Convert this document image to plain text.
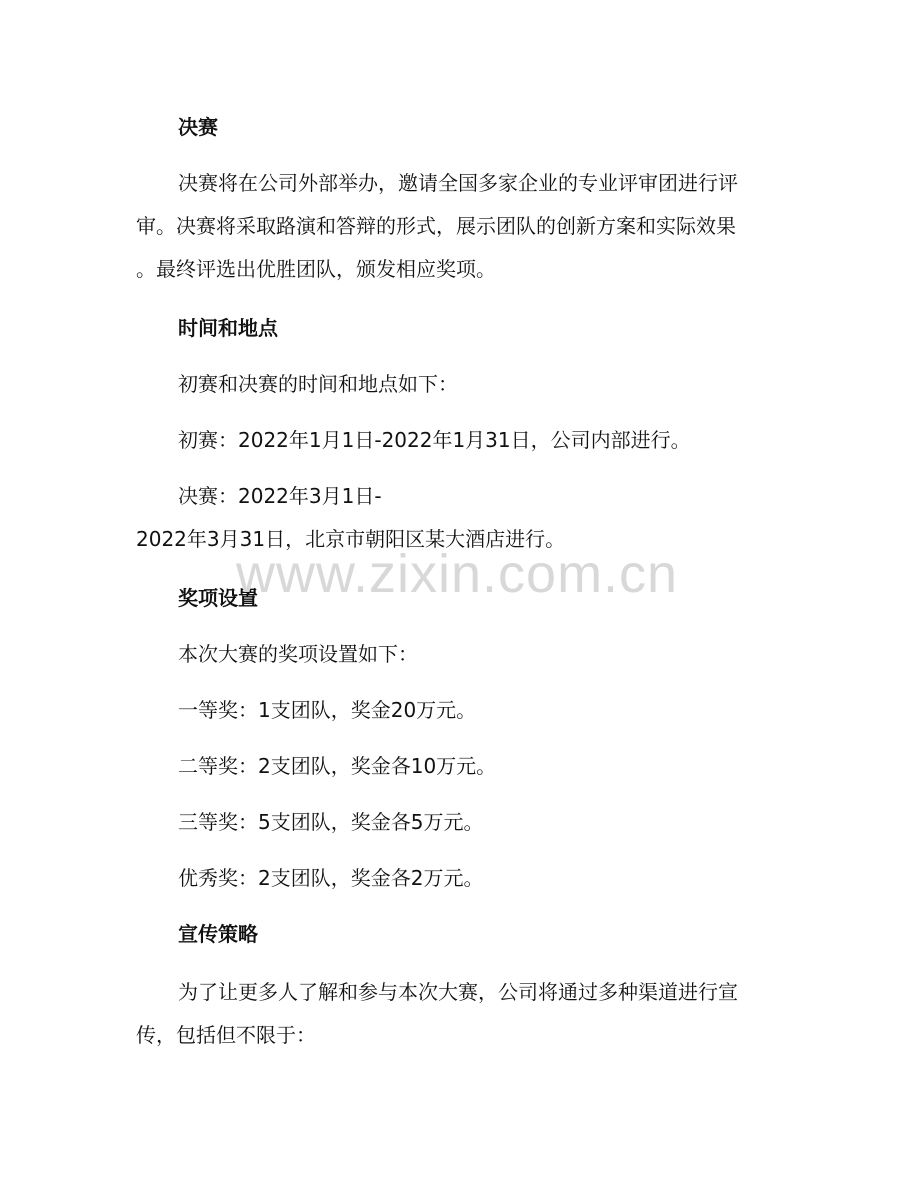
决赛
决赛将在公司外部举办，邀请全国多家企业的专业评审团进行评
审。决赛将采取路演和答辩的形式，展示团队的创新方案和实际效果
。最终评选出优胜团队，颁发相应奖项。
时间和地点
初赛和决赛的时间和地点如下：
初赛：2022年1月1日-2022年1月31日，公司内部进行。
决赛：2022年3月1日-
2022年3月31日，北京市朝阳区某大酒店进行。
奖项设置
本次大赛的奖项设置如下：
一等奖：1支团队，奖金20万元。
二等奖：2支团队，奖金各10万元。
三等奖：5支团队，奖金各5万元。
优秀奖：2支团队，奖金各2万元。
宣传策略
为了让更多人了解和参与本次大赛，公司将通过多种渠道进行宣
传，包括但不限于：
www.zixin.com.cn
